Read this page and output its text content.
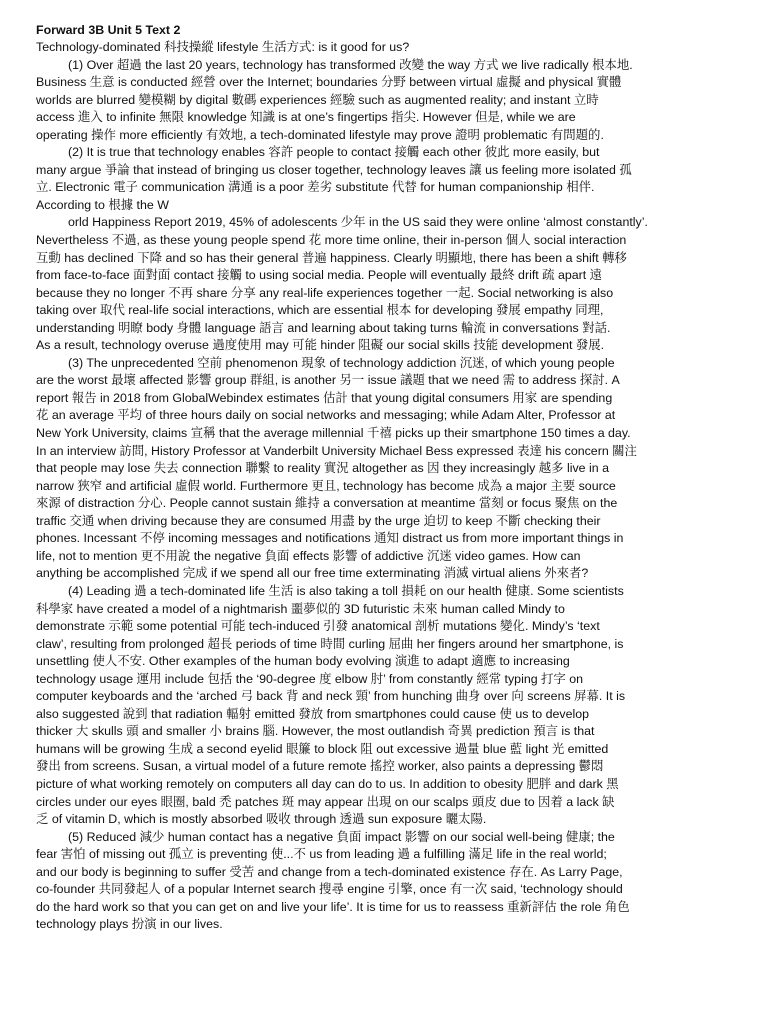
Forward 3B Unit 5 Text 2

Technology-dominated 科技操縱 lifestyle 生活方式: is it good for us?

(1) Over 超過 the last 20 years, technology has transformed 改變 the way 方式 we live radically 根本地.

Business 生意 is conducted 經營 over the Internet; boundaries 分野 between virtual 虛擬 and physical 實體

worlds are blurred 變模糊 by digital 數碼 experiences 經驗 such as augmented reality; and instant 立時

access 進入 to infinite 無限 knowledge 知識 is at one’s fingertips 指尖. However 但是, while we are

operating 操作 more efficiently 有效地, a tech-dominated lifestyle may prove 證明 problematic 有問題的.

(2) It is true that technology enables 容許 people to contact 接觸 each other 彼此 more easily, but

many argue 爭論 that instead of bringing us closer together, technology leaves 讓 us feeling more isolated 孤

立. Electronic 電子 communication 溝通 is a poor 差劣 substitute 代替 for human companionship 相伴.

According to 根據 the W

orld Happiness Report 2019, 45% of adolescents 少年 in the US said they were online ‘almost constantly’.

Nevertheless 不過, as these young people spend 花 more time online, their in-person 個人 social interaction

互動 has declined 下降 and so has their general 普遍 happiness. Clearly 明顯地, there has been a shift 轉移

from face-to-face 面對面 contact 接觸 to using social media. People will eventually 最終 drift 疏 apart 遠

because they no longer 不再 share 分享 any real-life experiences together 一起. Social networking is also

taking over 取代 real-life social interactions, which are essential 根本 for developing 發展 empathy 同理,

understanding 明瞭 body 身體 language 語言 and learning about taking turns 輪流 in conversations 對話.

As a result, technology overuse 過度使用 may 可能 hinder 阻礙 our social skills 技能 development 發展.

(3) The unprecedented 空前 phenomenon 現象 of technology addiction 沉迷, of which young people

are the worst 最壞 affected 影響 group 群組, is another 另一 issue 議題 that we need 需 to address 探討. A

report 報告 in 2018 from GlobalWebindex estimates 估計 that young digital consumers 用家 are spending

花 an average 平均 of three hours daily on social networks and messaging; while Adam Alter, Professor at

New York University, claims 宣稱 that the average millennial 千禧 picks up their smartphone 150 times a day.

In an interview 訪問, History Professor at Vanderbilt University Michael Bess expressed 表達 his concern 關注

that people may lose 失去 connection 聯繫 to reality 實況 altogether as 因 they increasingly 越多 live in a

narrow 狹窄 and artificial 虛假 world. Furthermore 更且, technology has become 成為 a major 主要 source

來源 of distraction 分心. People cannot sustain 維持 a conversation at meantime 當刻 or focus 聚焦 on the

traffic 交通 when driving because they are consumed 用盡 by the urge 迫切 to keep 不斷 checking their

phones. Incessant 不停 incoming messages and notifications 通知 distract us from more important things in

life, not to mention 更不用說 the negative 負面 effects 影響 of addictive 沉迷 video games. How can

anything be accomplished 完成 if we spend all our free time exterminating 消滅 virtual aliens 外來者?

(4) Leading 過 a tech-dominated life 生活 is also taking a toll 損耗 on our health 健康. Some scientists

科學家 have created a model of a nightmarish 噩夢似的 3D futuristic 未來 human called Mindy to

demonstrate 示範 some potential 可能 tech-induced 引發 anatomical 剖析 mutations 變化. Mindy’s ‘text

claw’, resulting from prolonged 超長 periods of time 時間 curling 屈曲 her fingers around her smartphone, is

unsettling 使人不安. Other examples of the human body evolving 演進 to adapt 適應 to increasing

technology usage 運用 include 包括 the ‘90-degree 度 elbow 肘’ from constantly 經常 typing 打字 on

computer keyboards and the ‘arched 弓 back 背 and neck 頸’ from hunching 曲身 over 向 screens 屏幕. It is

also suggested 說到 that radiation 輻射 emitted 發放 from smartphones could cause 使 us to develop

thicker 大 skulls 頭 and smaller 小 brains 腦. However, the most outlandish 奇異 prediction 預言 is that

humans will be growing 生成 a second eyelid 眼簾 to block 阻 out excessive 過量 blue 藍 light 光 emitted

發出 from screens. Susan, a virtual model of a future remote 搖控 worker, also paints a depressing 鬱悶

picture of what working remotely on computers all day can do to us. In addition to obesity 肥胖 and dark 黑

circles under our eyes 眼圈, bald 禿 patches 斑 may appear 出現 on our scalps 頭皮 due to 因着 a lack 缺

乏 of vitamin D, which is mostly absorbed 吸收 through 透過 sun exposure 曬太陽.

(5) Reduced 減少 human contact has a negative 負面 impact 影響 on our social well-being 健康; the

fear 害怕 of missing out 孤立 is preventing 使...不 us from leading 過 a fulfilling 滿足 life in the real world;

and our body is beginning to suffer 受苦 and change from a tech-dominated existence 存在. As Larry Page,

co-founder 共同發起人 of a popular Internet search 搜尋 engine 引擎, once 有一次 said, ‘technology should

do the hard work so that you can get on and live your life’. It is time for us to reassess 重新評估 the role 角色

technology plays 扮演 in our lives.
